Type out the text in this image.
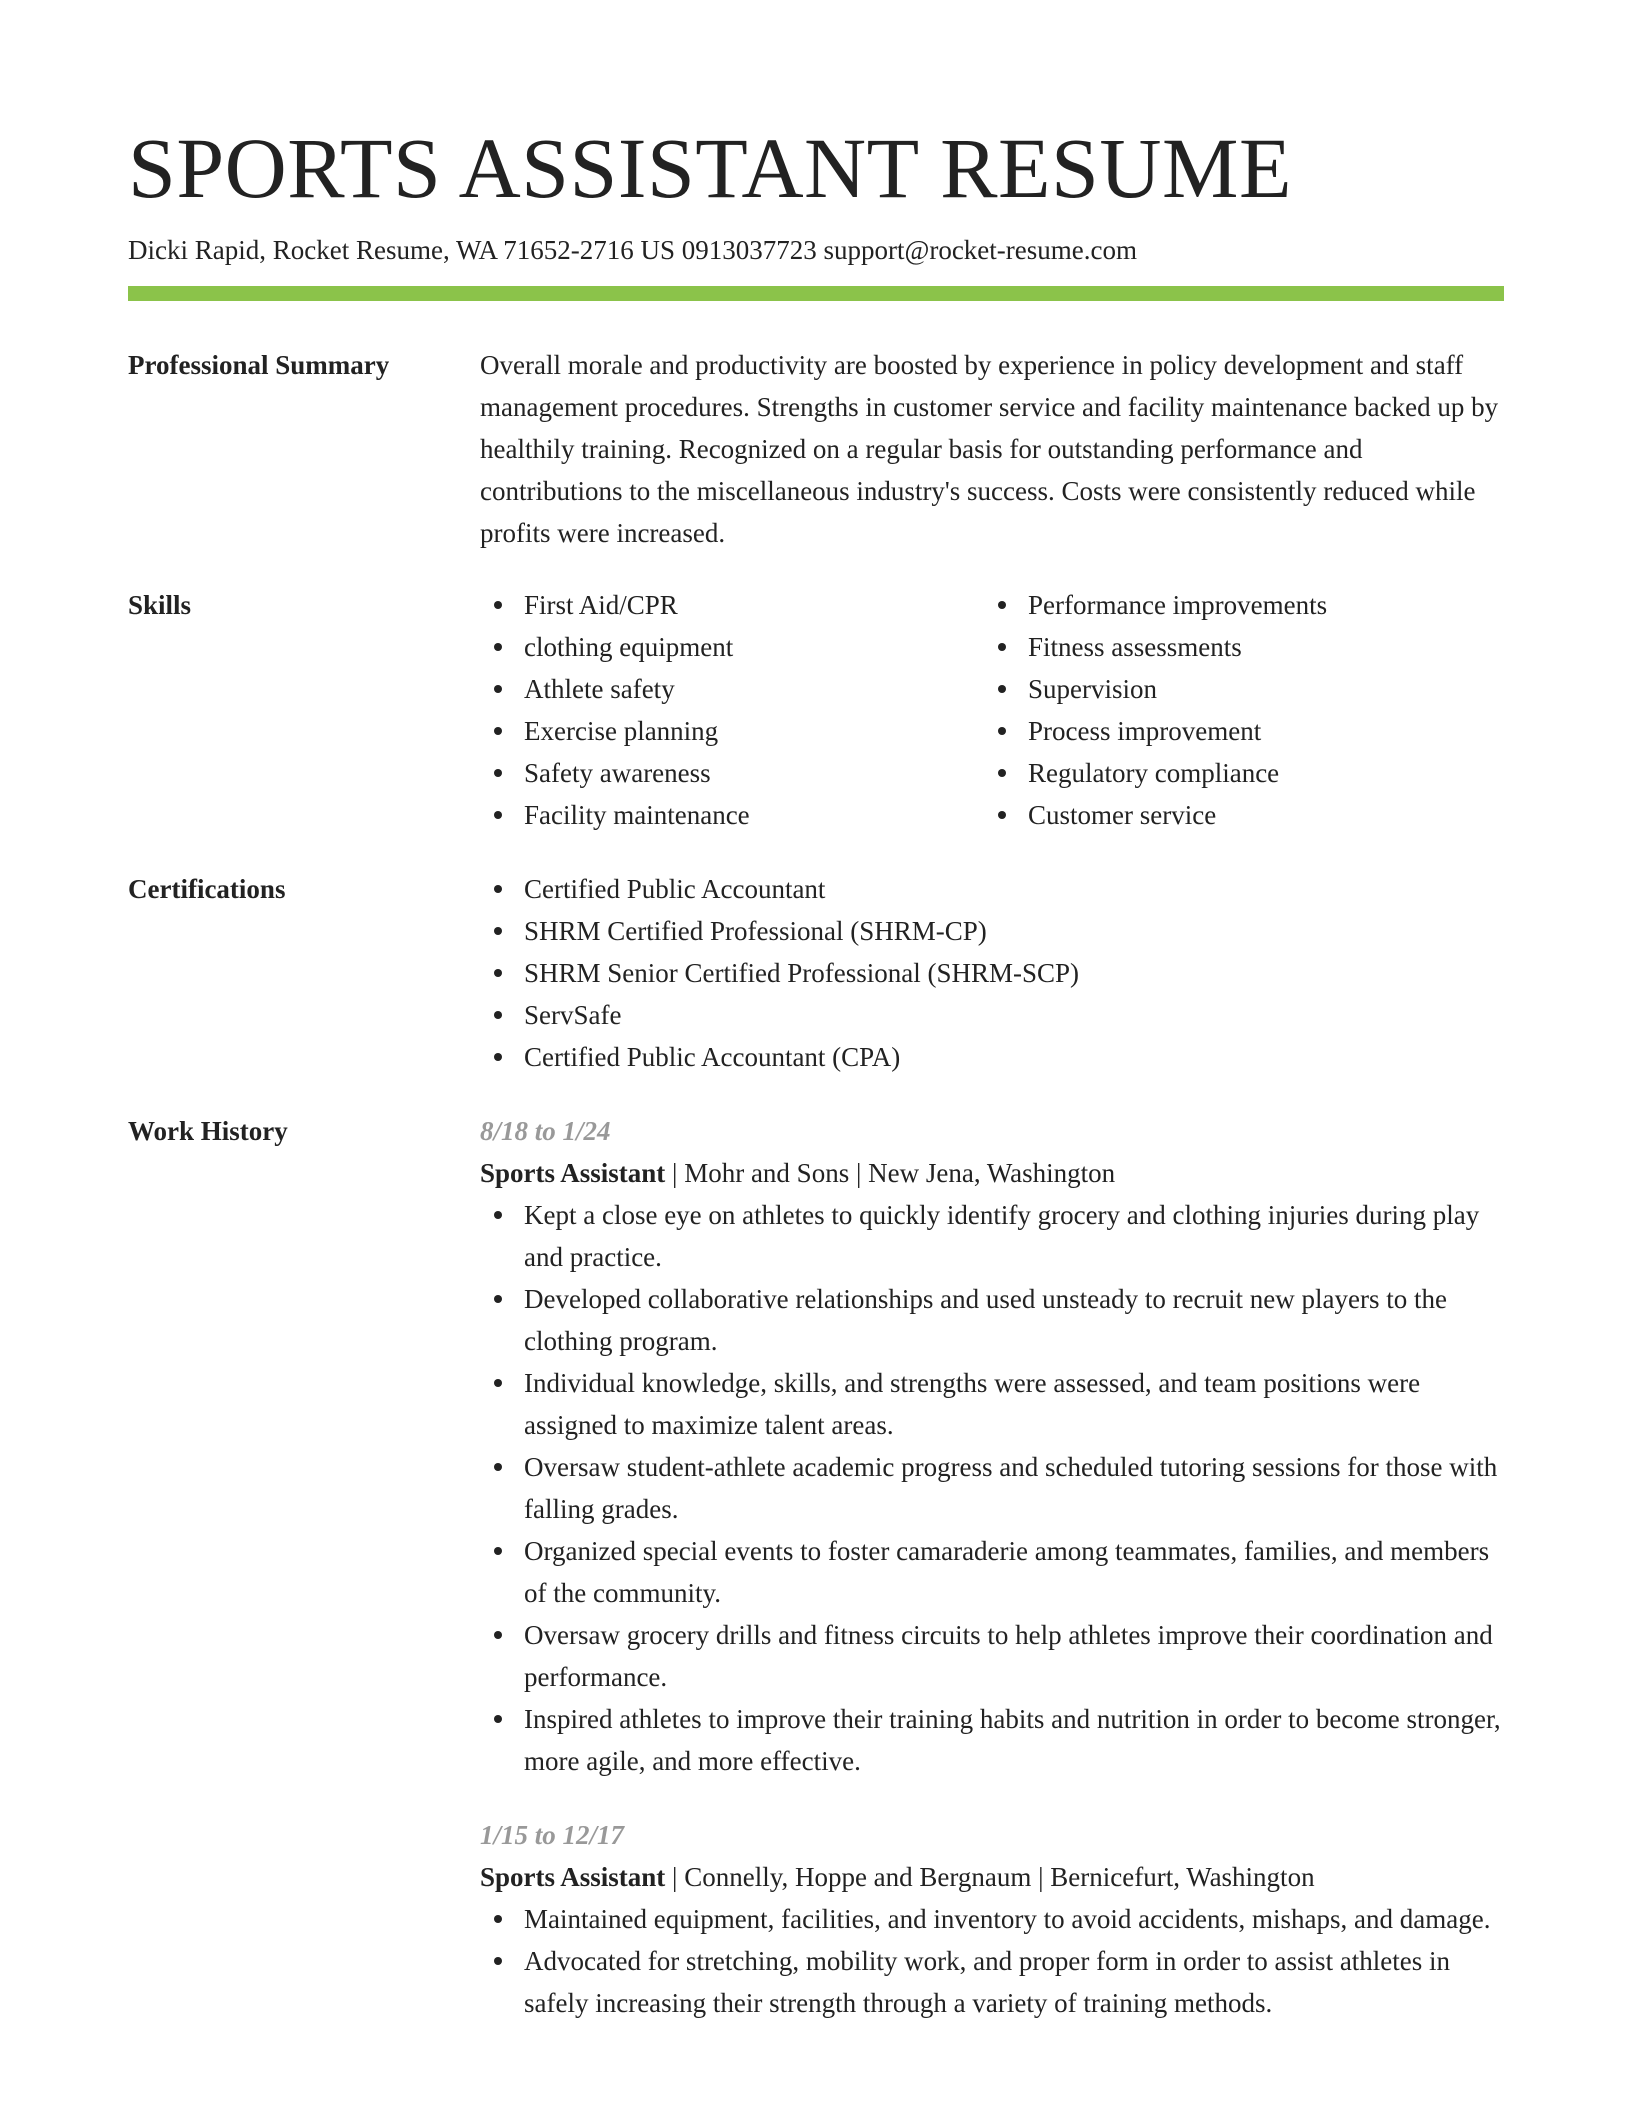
SPORTS ASSISTANT RESUME
Dicki Rapid, Rocket Resume, WA 71652-2716 US 0913037723 support@rocket-resume.com
Professional Summary	Overall morale and productivity are boosted by experience in policy development and staff management procedures. Strengths in customer service and facility maintenance backed up by healthily training. Recognized on a regular basis for outstanding performance and contributions to the miscellaneous industry's success. Costs were consistently reduced while profits were increased.

Skills	First Aid/CPR
clothing equipment
Athlete safety
Exercise planning
Safety awareness
Facility maintenance
Performance improvements
Fitness assessments
Supervision
Process improvement
Regulatory compliance
Customer service
Certifications	Certified Public Accountant
SHRM Certified Professional (SHRM-CP)
SHRM Senior Certified Professional (SHRM-SCP)
ServSafe
Certified Public Accountant (CPA)
Work History	8/18 to 1/24
Sports Assistant | Mohr and Sons | New Jena, Washington
Kept a close eye on athletes to quickly identify grocery and clothing injuries during play and practice.
Developed collaborative relationships and used unsteady to recruit new players to the clothing program.
Individual knowledge, skills, and strengths were assessed, and team positions were assigned to maximize talent areas.
Oversaw student-athlete academic progress and scheduled tutoring sessions for those with falling grades.
Organized special events to foster camaraderie among teammates, families, and members of the community.
Oversaw grocery drills and fitness circuits to help athletes improve their coordination and performance.
Inspired athletes to improve their training habits and nutrition in order to become stronger, more agile, and more effective.
1/15 to 12/17
Sports Assistant | Connelly, Hoppe and Bergnaum | Bernicefurt, Washington
Maintained equipment, facilities, and inventory to avoid accidents, mishaps, and damage.
Advocated for stretching, mobility work, and proper form in order to assist athletes in safely increasing their strength through a variety of training methods.
